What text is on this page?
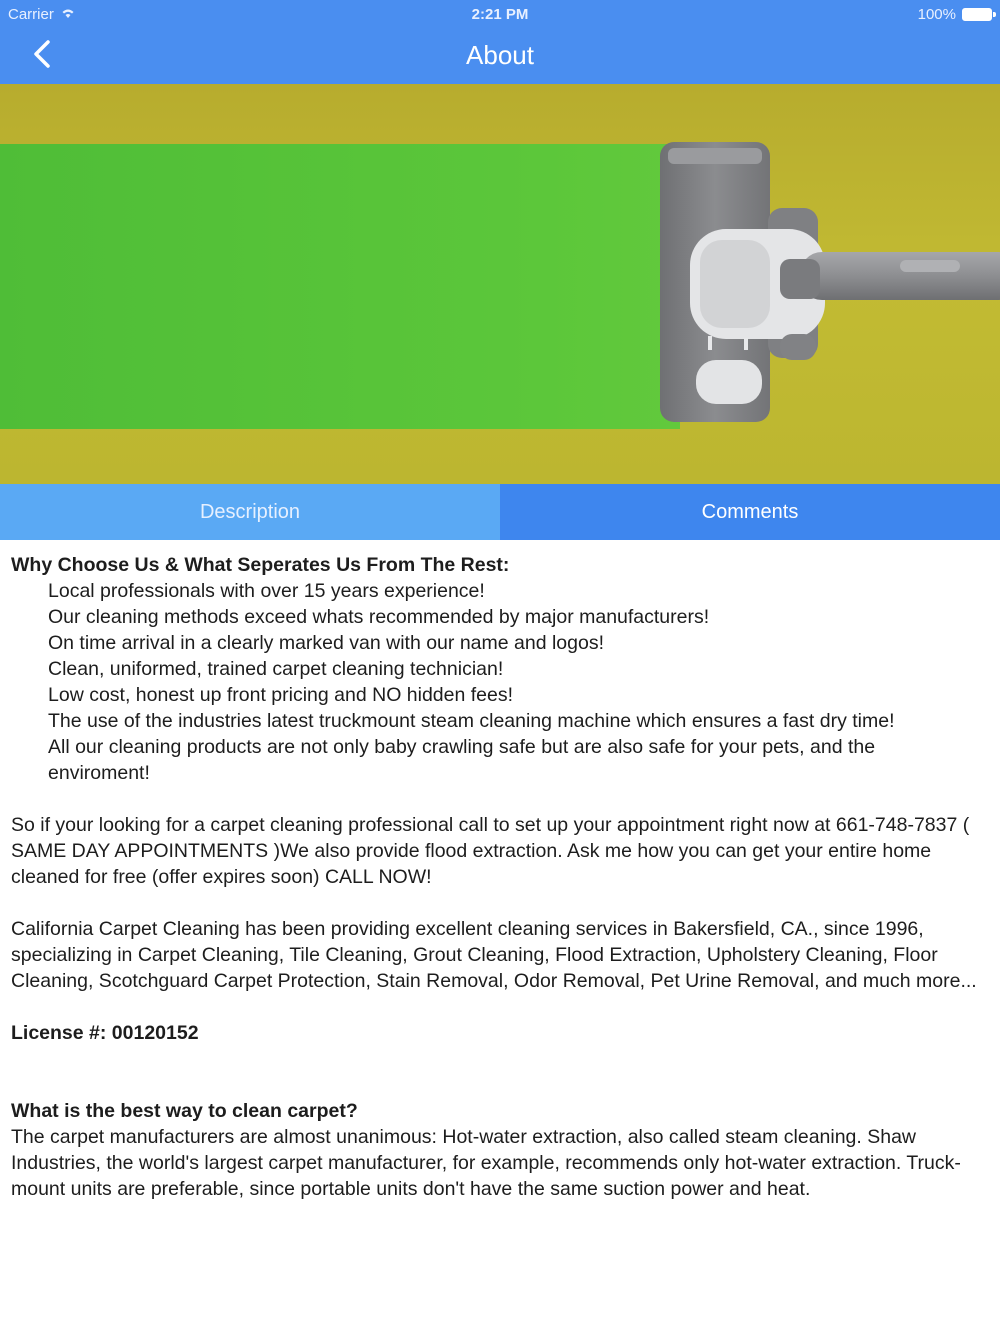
Carrier	2:21 PM	100%
About
Description	Comments
Why Choose Us & What Seperates Us From The Rest:
Local professionals with over 15 years experience!
Our cleaning methods exceed whats recommended by major manufacturers!
On time arrival in a clearly marked van with our name and logos!
Clean, uniformed, trained carpet cleaning technician!
Low cost, honest up front pricing and NO hidden fees!
The use of the industries latest truckmount steam cleaning machine which ensures a fast dry time!
All our cleaning products are not only baby crawling safe but are also safe for your pets, and the enviroment!

So if your looking for a carpet cleaning professional call to set up your appointment right now at 661-748-7837 ( SAME DAY APPOINTMENTS )We also provide flood extraction. Ask me how you can get your entire home cleaned for free (offer expires soon) CALL NOW!

California Carpet Cleaning has been providing excellent cleaning services in Bakersfield, CA., since 1996, specializing in Carpet Cleaning, Tile Cleaning, Grout Cleaning, Flood Extraction, Upholstery Cleaning, Floor Cleaning, Scotchguard Carpet Protection, Stain Removal, Odor Removal, Pet Urine Removal, and much more...

License #: 00120152

What is the best way to clean carpet?

The carpet manufacturers are almost unanimous: Hot-water extraction, also called steam cleaning. Shaw Industries, the world's largest carpet manufacturer, for example, recommends only hot-water extraction. Truck-mount units are preferable, since portable units don't have the same suction power and heat.
